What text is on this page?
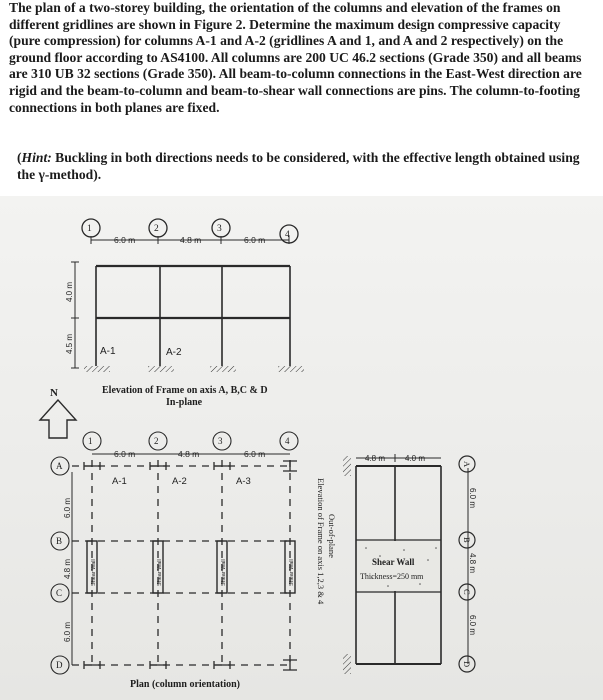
The plan of a two-storey building, the orientation of the columns and elevation of the frames on different gridlines are shown in Figure 2. Determine the maximum design compressive capacity (pure compression) for columns A-1 and A-2 (gridlines A and 1, and A and 2 respectively) on the ground floor according to AS4100. All columns are 200 UC 46.2 sections (Grade 350) and all beams are 310 UB 32 sections (Grade 350). All beam-to-column connections in the East-West direction are rigid and the beam-to-column and beam-to-shear wall connections are pins. The column-to-footing connections in both planes are fixed.

(Hint: Buckling in both directions needs to be considered, with the effective length obtained using the γ-method).
1	2	3
4
6.0 m	4.8 m	6.0 m
4.0 m
4.5 m	A-1	A-2
Elevation of Frame on axis A, B,C & D
In-plane
N
1	2	3	4
A
B
C
D
6.0 m	4.8 m	6.0 m
6.0 m
4.8 m
6.0 m
A-1	A-2	A-3
Shear Wall	Shear Wall	Shear Wall	Shear Wall
Plan (column orientation)
Elevation of Frame on axis 1,2,3 & 4 Out-of-plane
4.8 m 4.0 m
6.0 m
4.8 m
6.0 m
A
B
C
D
Shear Wall
Thickness=250 mm
